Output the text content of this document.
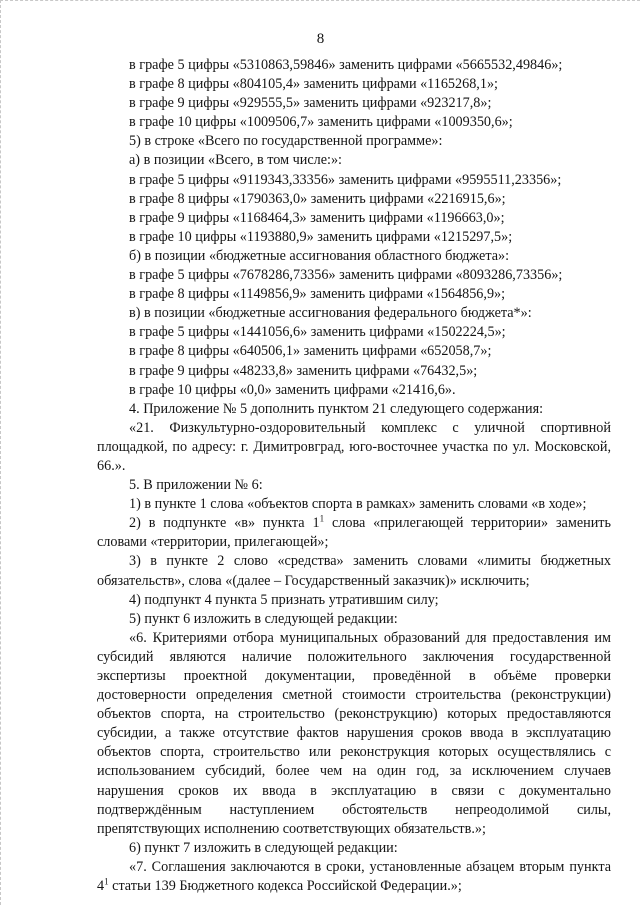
8
в графе 5 цифры «5310863,59846» заменить цифрами «5665532,49846»;
в графе 8 цифры «804105,4» заменить цифрами «1165268,1»;
в графе 9 цифры «929555,5» заменить цифрами «923217,8»;
в графе 10 цифры «1009506,7» заменить цифрами «1009350,6»;
5) в строке «Всего по государственной программе»:
а) в позиции «Всего, в том числе:»:
в графе 5 цифры «9119343,33356» заменить цифрами «9595511,23356»;
в графе 8 цифры «1790363,0» заменить цифрами «2216915,6»;
в графе 9 цифры «1168464,3» заменить цифрами «1196663,0»;
в графе 10 цифры «1193880,9» заменить цифрами «1215297,5»;
б) в позиции «бюджетные ассигнования областного бюджета»:
в графе 5 цифры «7678286,73356» заменить цифрами «8093286,73356»;
в графе 8 цифры «1149856,9» заменить цифрами «1564856,9»;
в) в позиции «бюджетные ассигнования федерального бюджета*»:
в графе 5 цифры «1441056,6» заменить цифрами «1502224,5»;
в графе 8 цифры «640506,1» заменить цифрами «652058,7»;
в графе 9 цифры «48233,8» заменить цифрами «76432,5»;
в графе 10 цифры «0,0» заменить цифрами «21416,6».
4. Приложение № 5 дополнить пунктом 21 следующего содержания:
«21. Физкультурно-оздоровительный комплекс с уличной спортивной площадкой, по адресу: г. Димитровград, юго-восточнее участка по ул. Московской, 66.».
5. В приложении № 6:
1) в пункте 1 слова «объектов спорта в рамках» заменить словами «в ходе»;
2) в подпункте «в» пункта $1^1$ слова «прилегающей территории» заменить словами «территории, прилегающей»;
3) в пункте 2 слово «средства» заменить словами «лимиты бюджетных обязательств», слова «(далее – Государственный заказчик)» исключить;
4) подпункт 4 пункта 5 признать утратившим силу;
5) пункт 6 изложить в следующей редакции:
«6. Критериями отбора муниципальных образований для предоставления им субсидий являются наличие положительного заключения государственной экспертизы проектной документации, проведённой в объёме проверки достоверности определения сметной стоимости строительства (реконструкции) объектов спорта, на строительство (реконструкцию) которых предоставляются субсидии, а также отсутствие фактов нарушения сроков ввода в эксплуатацию объектов спорта, строительство или реконструкция которых осуществлялись с использованием субсидий, более чем на один год, за исключением случаев нарушения сроков их ввода в эксплуатацию в связи с документально подтверждённым наступлением обстоятельств непреодолимой силы, препятствующих исполнению соответствующих обязательств.»;
6) пункт 7 изложить в следующей редакции:
«7. Соглашения заключаются в сроки, установленные абзацем вторым пункта $4^1$ статьи 139 Бюджетного кодекса Российской Федерации.»;
